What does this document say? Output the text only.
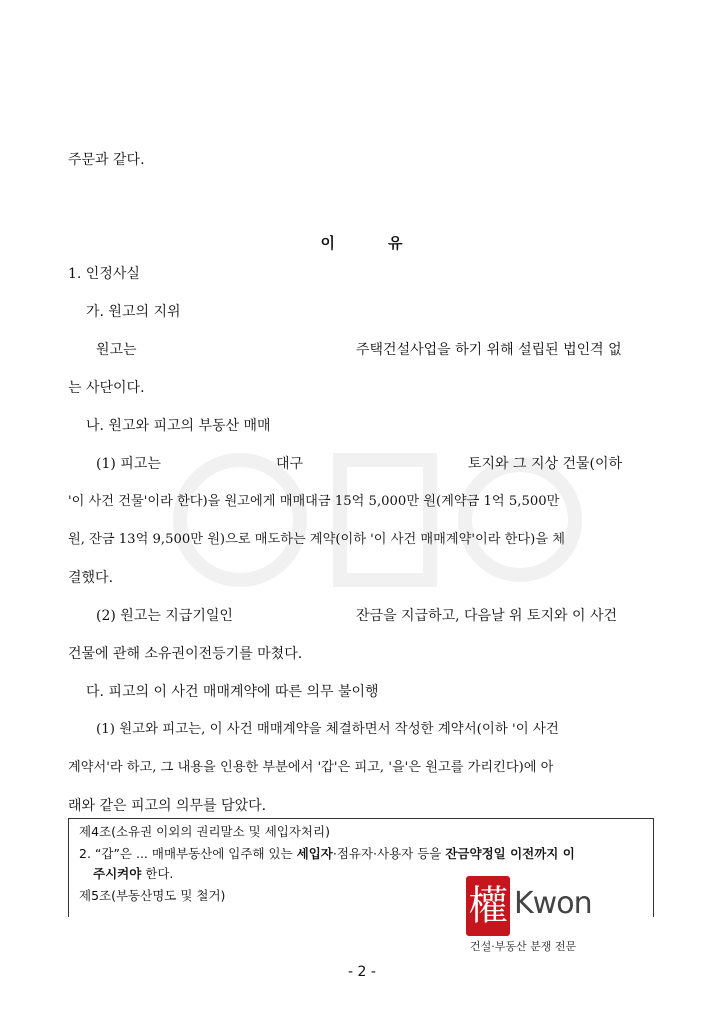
주문과 같다.
이	유
1. 인정사실
가. 원고의 지위
원고는	주택건설사업을 하기 위해 설립된 법인격 없
는 사단이다.
나. 원고와 피고의 부동산 매매
(1) 피고는	대구	토지와 그 지상 건물(이하
'이 사건 건물'이라 한다)을 원고에게 매매대금 15억 5,000만 원(계약금 1억 5,500만
원, 잔금 13억 9,500만 원)으로 매도하는 계약(이하 '이 사건 매매계약'이라 한다)을 체
결했다.
(2) 원고는 지급기일인	잔금을 지급하고, 다음날 위 토지와 이 사건
건물에 관해 소유권이전등기를 마쳤다.
다. 피고의 이 사건 매매계약에 따른 의무 불이행
(1) 원고와 피고는, 이 사건 매매계약을 체결하면서 작성한 계약서(이하 '이 사건
계약서'라 하고, 그 내용을 인용한 부분에서 '갑'은 피고, '을'은 원고를 가리킨다)에 아
래와 같은 피고의 의무를 담았다.
제4조(소유권 이외의 권리말소 및 세입자처리)
2. “갑”은 ... 매매부동산에 입주해 있는 세입자·점유자·사용자 등을 잔금약정일 이전까지 이
주시켜야 한다.
제5조(부동산명도 및 철거)	權 Kwon
건설·부동산 분쟁 전문
- 2 -
